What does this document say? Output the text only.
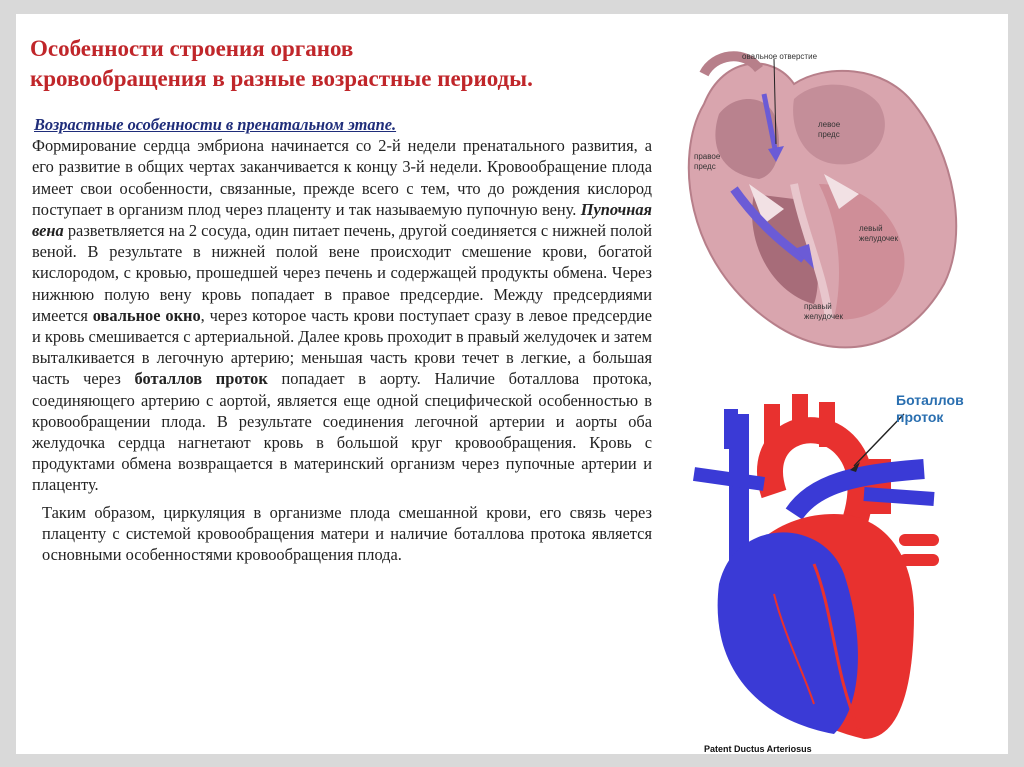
Особенности строения органов
кровообращения в разные возрастные периоды.
Возрастные особенности в пренатальном этапе.
Формирование сердца эмбриона начинается со 2-й недели пренатального развития, а его развитие в общих чертах заканчивается к концу 3-й недели. Кровообращение плода имеет свои особенности, связанные, прежде всего с тем, что до рождения кислород поступает в организм плод через плаценту и так называемую пупочную вену. Пупочная вена разветвляется на 2 сосуда, один питает печень, другой соединяется с нижней полой веной. В результате в нижней полой вене происходит смешение крови, богатой кислородом, с кровью, прошедшей через печень и содержащей продукты обмена. Через нижнюю полую вену кровь попадает в правое предсердие. Между предсердиями имеется овальное окно, через которое часть крови поступает сразу в левое предсердие и кровь смешивается с артериальной. Далее кровь проходит в правый желудочек и затем выталкивается в легочную артерию; меньшая часть крови течет в легкие, а большая часть через боталлов проток попадает в аорту. Наличие боталлова протока, соединяющего артерию с аортой, является еще одной специфической особенностью в кровообращении плода. В результате соединения легочной артерии и аорты оба желудочка сердца нагнетают кровь в большой круг кровообращения. Кровь с продуктами обмена возвращается в материнский организм через пупочные артерии и плаценту.
Таким образом, циркуляция в организме плода смешанной крови, его связь через плаценту с системой кровообращения матери и наличие боталлова протока является основными особенностями кровообращения плода.
овальное отверстие
левое предс
правое предс
левый желудочек
правый желудочек
Боталлов проток
Patent Ductus Arteriosus
